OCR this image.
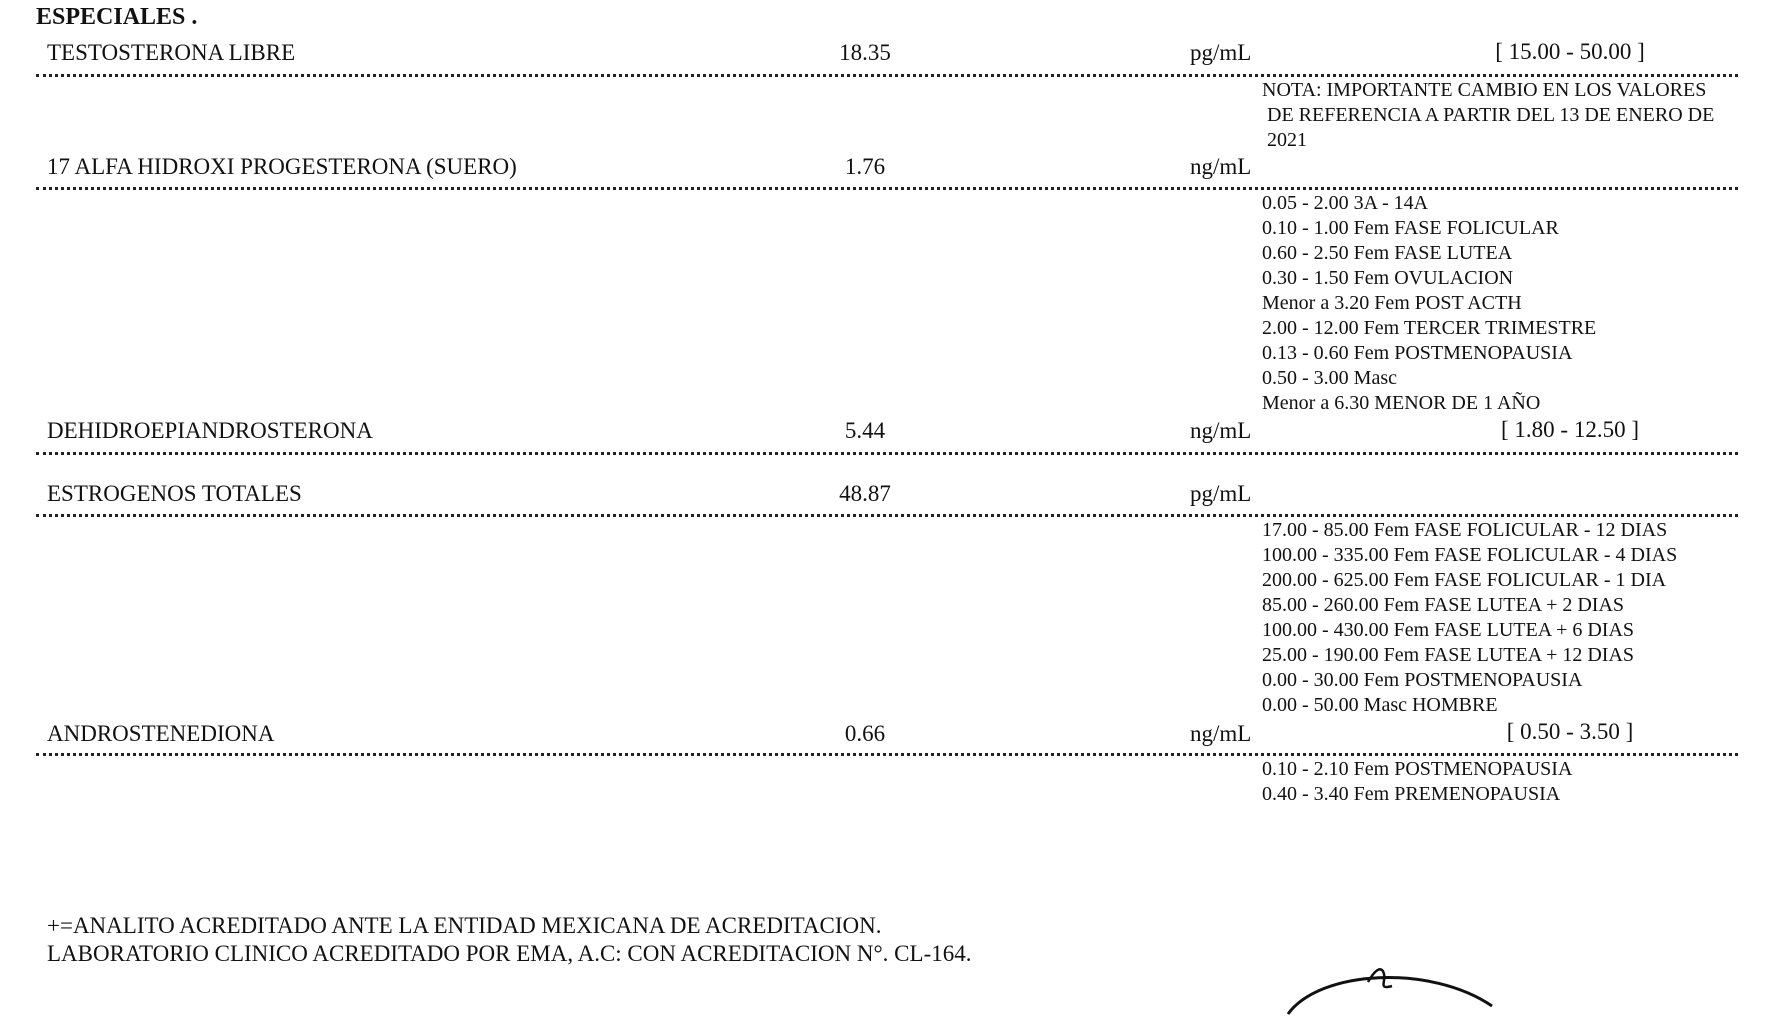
ESPECIALES .
TESTOSTERONA LIBRE	18.35	pg/mL	[ 15.00 - 50.00 ]
NOTA: IMPORTANTE CAMBIO EN LOS VALORES
DE REFERENCIA A PARTIR DEL 13 DE ENERO DE
2021
17 ALFA HIDROXI PROGESTERONA (SUERO)	1.76	ng/mL
0.05 - 2.00 3A - 14A
0.10 - 1.00 Fem FASE FOLICULAR
0.60 - 2.50 Fem FASE LUTEA
0.30 - 1.50 Fem OVULACION
Menor a 3.20 Fem POST ACTH
2.00 - 12.00 Fem TERCER TRIMESTRE
0.13 - 0.60 Fem POSTMENOPAUSIA
0.50 - 3.00 Masc
Menor a 6.30 MENOR DE 1 AÑO
DEHIDROEPIANDROSTERONA	5.44	ng/mL	[ 1.80 - 12.50 ]
ESTROGENOS TOTALES	48.87	pg/mL
17.00 - 85.00 Fem FASE FOLICULAR - 12 DIAS
100.00 - 335.00 Fem FASE FOLICULAR - 4 DIAS
200.00 - 625.00 Fem FASE FOLICULAR - 1 DIA
85.00 - 260.00 Fem FASE LUTEA + 2 DIAS
100.00 - 430.00 Fem FASE LUTEA + 6 DIAS
25.00 - 190.00 Fem FASE LUTEA + 12 DIAS
0.00 - 30.00 Fem POSTMENOPAUSIA
0.00 - 50.00 Masc HOMBRE
ANDROSTENEDIONA	0.66	ng/mL	[ 0.50 - 3.50 ]
0.10 - 2.10 Fem POSTMENOPAUSIA
0.40 - 3.40 Fem PREMENOPAUSIA
+=ANALITO ACREDITADO ANTE LA ENTIDAD MEXICANA DE ACREDITACION.
LABORATORIO CLINICO ACREDITADO POR EMA, A.C: CON ACREDITACION N°. CL-164.
